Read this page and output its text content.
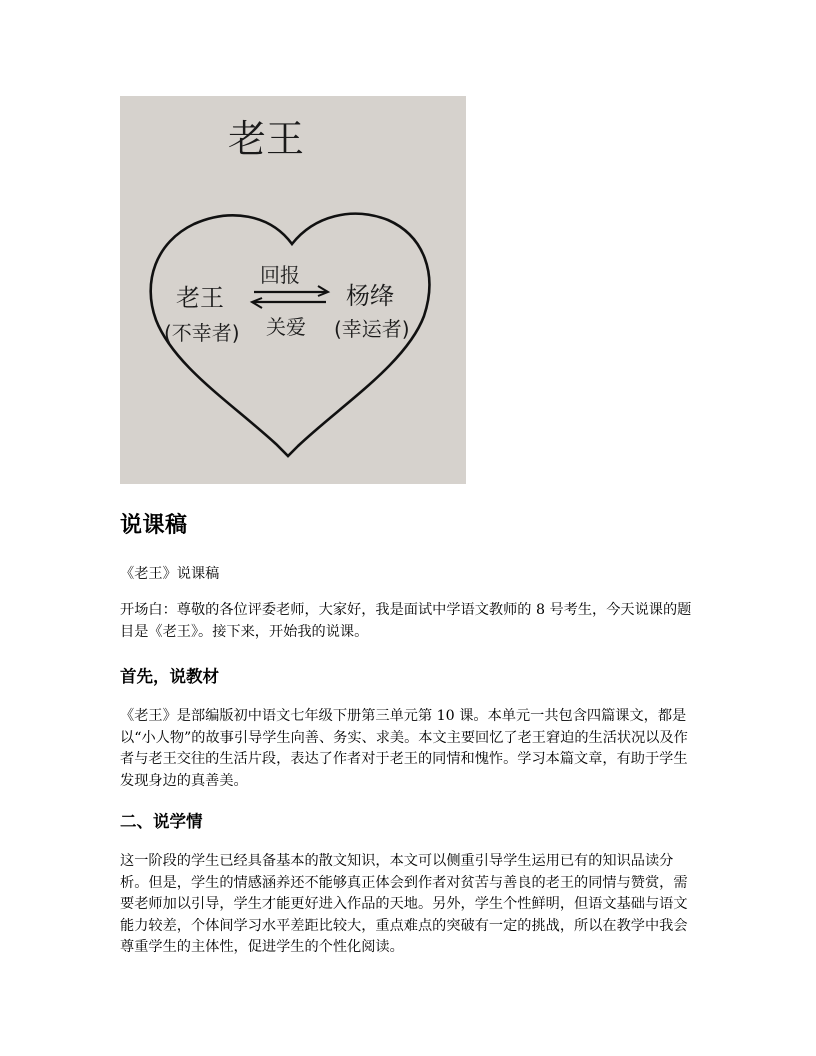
老王
老王
(不幸者)
回报
关爱
杨绛
(幸运者)
说课稿

《老王》说课稿

开场白：尊敬的各位评委老师，大家好，我是面试中学语文教师的 8 号考生，今天说课的题目是《老王》。接下来，开始我的说课。

首先，说教材

《老王》是部编版初中语文七年级下册第三单元第 10 课。本单元一共包含四篇课文，都是以“小人物”的故事引导学生向善、务实、求美。本文主要回忆了老王窘迫的生活状况以及作者与老王交往的生活片段，表达了作者对于老王的同情和愧怍。学习本篇文章，有助于学生发现身边的真善美。

二、说学情

这一阶段的学生已经具备基本的散文知识，本文可以侧重引导学生运用已有的知识品读分析。但是，学生的情感涵养还不能够真正体会到作者对贫苦与善良的老王的同情与赞赏，需要老师加以引导，学生才能更好进入作品的天地。另外，学生个性鲜明，但语文基础与语文能力较差，个体间学习水平差距比较大，重点难点的突破有一定的挑战，所以在教学中我会尊重学生的主体性，促进学生的个性化阅读。
